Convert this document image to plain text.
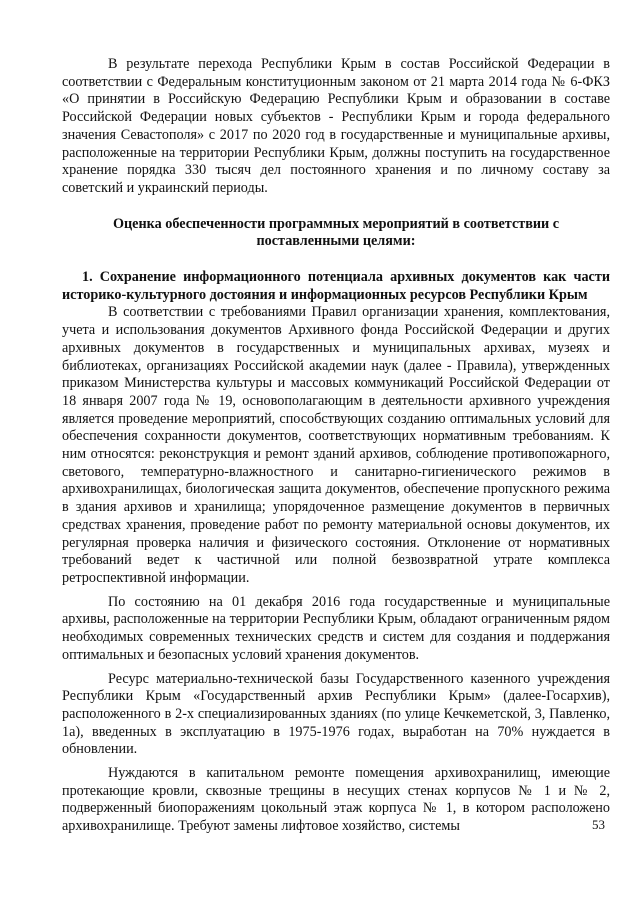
В результате перехода Республики Крым в состав Российской Федерации в соответствии с Федеральным конституционным законом от 21 марта 2014 года № 6-ФКЗ «О принятии в Российскую Федерацию Республики Крым и образовании в составе Российской Федерации новых субъектов - Республики Крым и города федерального значения Севастополя» с 2017 по 2020 год в государственные и муниципальные архивы, расположенные на территории Республики Крым, должны поступить на государственное хранение порядка 330 тысяч дел постоянного хранения и по личному составу за советский и украинский периоды.

Оценка обеспеченности программных мероприятий в соответствии с поставленными целями:

1. Сохранение информационного потенциала архивных документов как части историко-культурного достояния и информационных ресурсов Республики Крым

В соответствии с требованиями Правил организации хранения, комплектования, учета и использования документов Архивного фонда Российской Федерации и других архивных документов в государственных и муниципальных архивах, музеях и библиотеках, организациях Российской академии наук (далее - Правила), утвержденных приказом Министерства культуры и массовых коммуникаций Российской Федерации от 18 января 2007 года № 19, основополагающим в деятельности архивного учреждения является проведение мероприятий, способствующих созданию оптимальных условий для обеспечения сохранности документов, соответствующих нормативным требованиям. К ним относятся: реконструкция и ремонт зданий архивов, соблюдение противопожарного, светового, температурно-влажностного и санитарно-гигиенического режимов в архивохранилищах, биологическая защита документов, обеспечение пропускного режима в здания архивов и хранилища; упорядоченное размещение документов в первичных средствах хранения, проведение работ по ремонту материальной основы документов, их регулярная проверка наличия и физического состояния. Отклонение от нормативных требований ведет к частичной или полной безвозвратной утрате комплекса ретроспективной информации.

По состоянию на 01 декабря 2016 года государственные и муниципальные архивы, расположенные на территории Республики Крым, обладают ограниченным рядом необходимых современных технических средств и систем для создания и поддержания оптимальных и безопасных условий хранения документов.

Ресурс материально-технической базы Государственного казенного учреждения Республики Крым «Государственный архив Республики Крым» (далее-Госархив), расположенного в 2-х специализированных зданиях (по улице Кечкеметской, 3, Павленко, 1а), введенных в эксплуатацию в 1975-1976 годах, выработан на 70% нуждается в обновлении.

Нуждаются в капитальном ремонте помещения архивохранилищ, имеющие протекающие кровли, сквозные трещины в несущих стенах корпусов № 1 и № 2, подверженный биопоражениям цокольный этаж корпуса № 1, в котором расположено архивохранилище. Требуют замены лифтовое хозяйство, системы	53
